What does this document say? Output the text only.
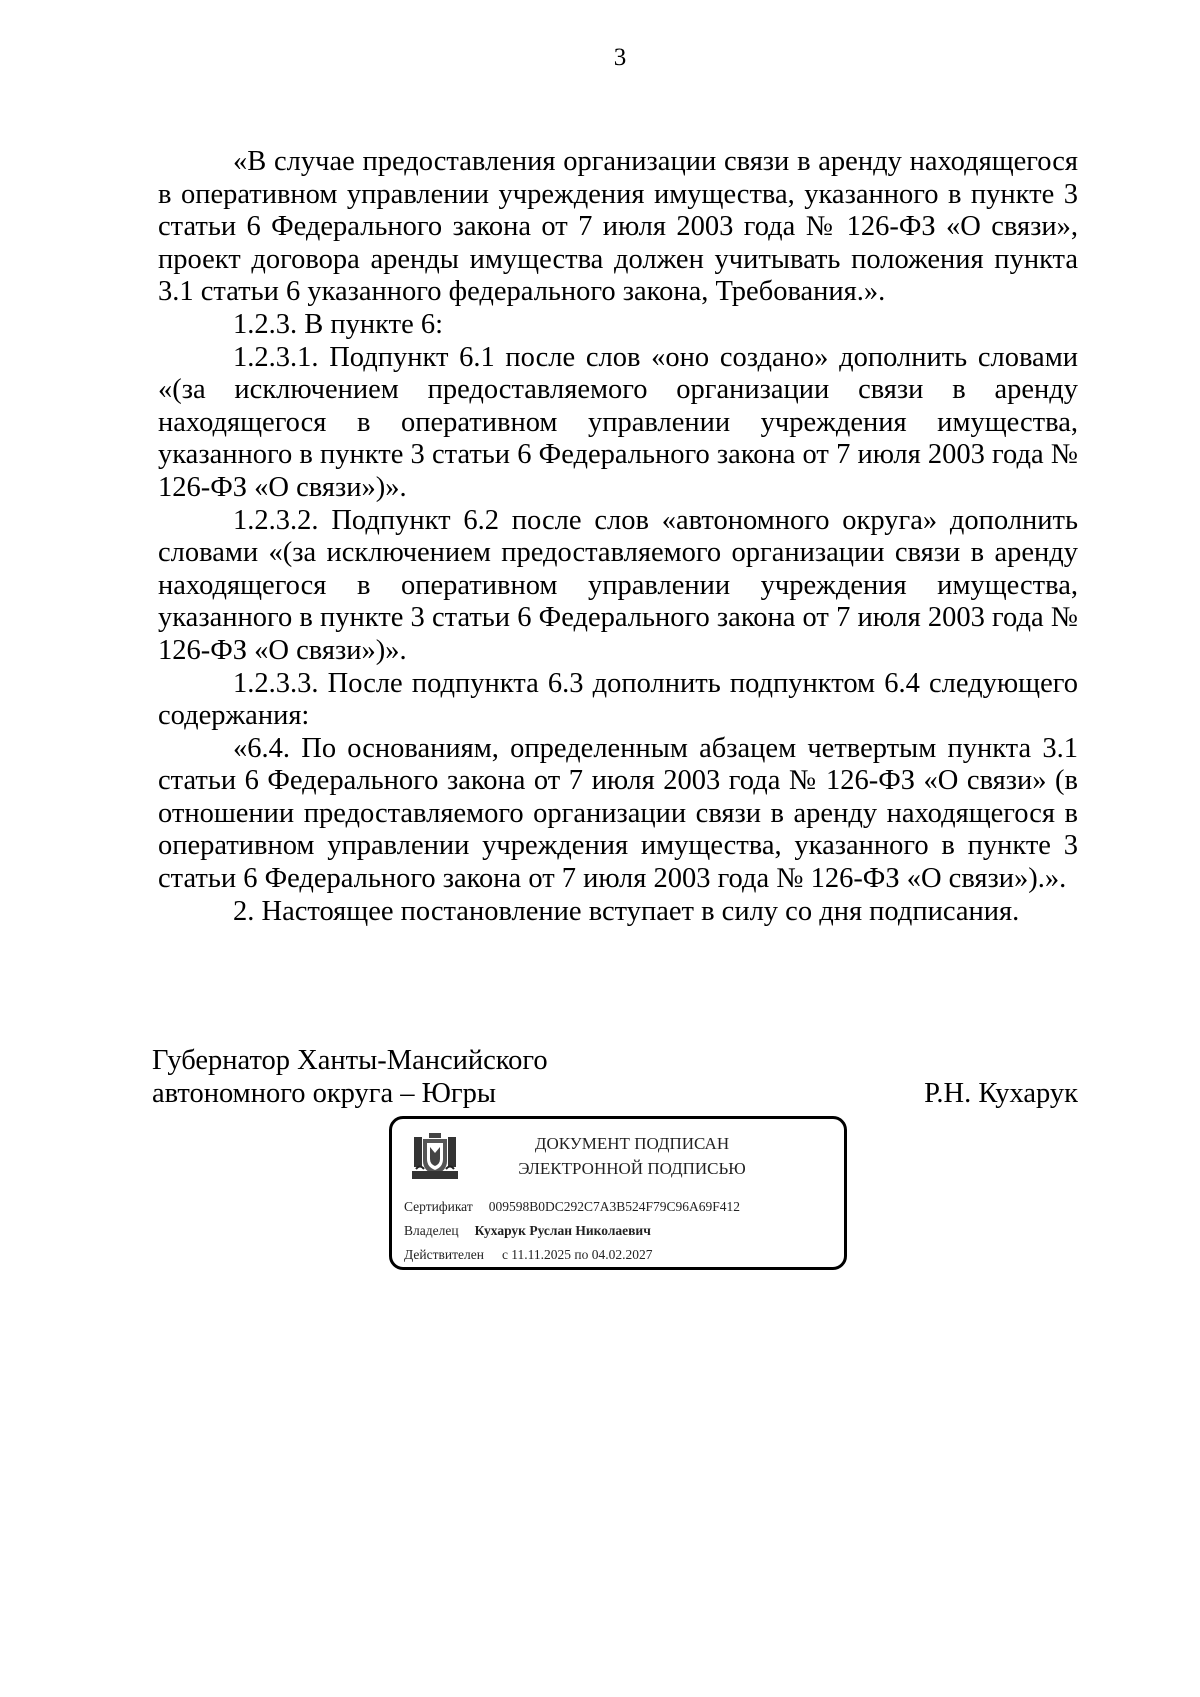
3

«В случае предоставления организации связи в аренду находящегося в оперативном управлении учреждения имущества, указанного в пункте 3 статьи 6 Федерального закона от 7 июля 2003 года № 126-ФЗ «О связи», проект договора аренды имущества должен учитывать положения пункта 3.1 статьи 6 указанного федерального закона, Требования.».

1.2.3. В пункте 6:

1.2.3.1. Подпункт 6.1 после слов «оно создано» дополнить словами «(за исключением предоставляемого организации связи в аренду находящегося в оперативном управлении учреждения имущества, указанного в пункте 3 статьи 6 Федерального закона от 7 июля 2003 года № 126-ФЗ «О связи»)».

1.2.3.2. Подпункт 6.2 после слов «автономного округа» дополнить словами «(за исключением предоставляемого организации связи в аренду находящегося в оперативном управлении учреждения имущества, указанного в пункте 3 статьи 6 Федерального закона от 7 июля 2003 года № 126-ФЗ «О связи»)».

1.2.3.3. После подпункта 6.3 дополнить подпунктом 6.4 следующего содержания:

«6.4. По основаниям, определенным абзацем четвертым пункта 3.1 статьи 6 Федерального закона от 7 июля 2003 года № 126-ФЗ «О связи» (в отношении предоставляемого организации связи в аренду находящегося в оперативном управлении учреждения имущества, указанного в пункте 3 статьи 6 Федерального закона от 7 июля 2003 года № 126-ФЗ «О связи»).».

2. Настоящее постановление вступает в силу со дня подписания.

Губернатор Ханты-Мансийского
автономного округа – Югры	Р.Н. Кухарук
ДОКУМЕНТ ПОДПИСАН
ЭЛЕКТРОННОЙ ПОДПИСЬЮ
Сертификат 009598B0DC292C7A3B524F79C96A69F412
Владелец Кухарук Руслан Николаевич
Действителен с 11.11.2025 по 04.02.2027
